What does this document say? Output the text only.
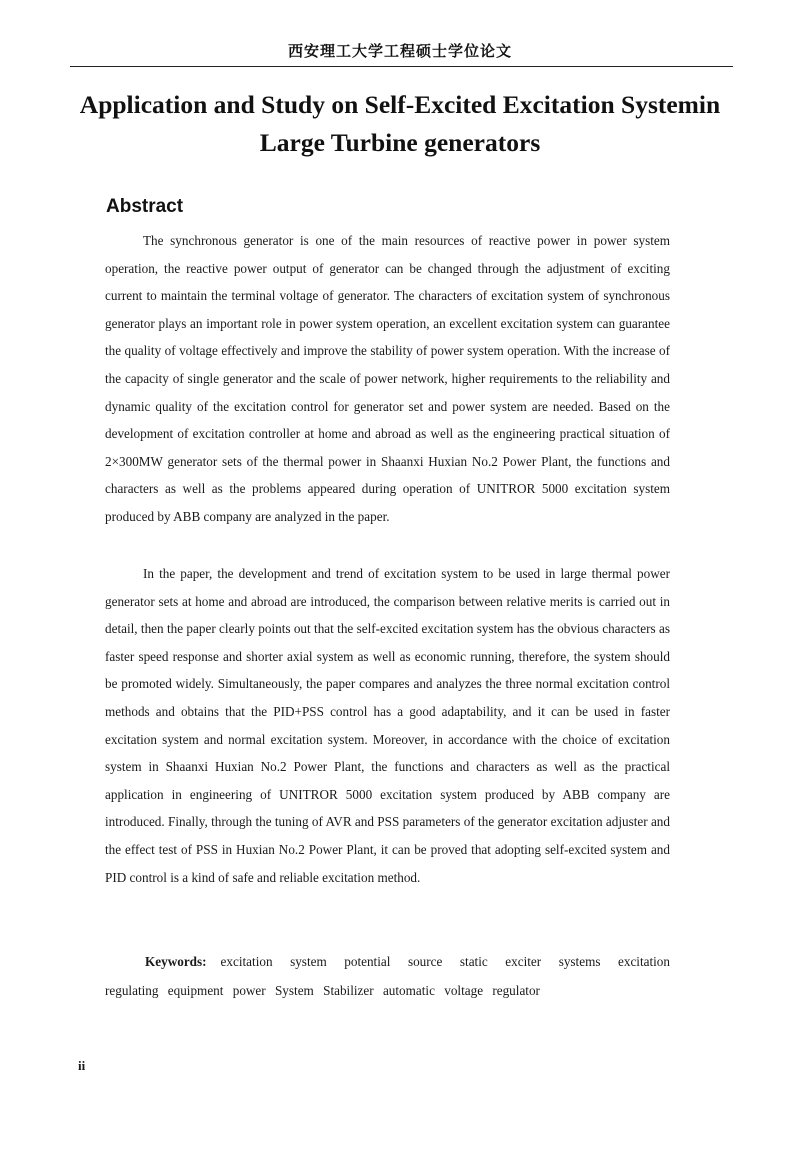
西安理工大学工程硕士学位论文
Application and Study on Self-Excited Excitation Systemin
Large Turbine generators
Abstract

The synchronous generator is one of the main resources of reactive power in power system operation, the reactive power output of generator can be changed through the adjustment of exciting current to maintain the terminal voltage of generator. The characters of excitation system of synchronous generator plays an important role in power system operation, an excellent excitation system can guarantee the quality of voltage effectively and improve the stability of power system operation. With the increase of the capacity of single generator and the scale of power network, higher requirements to the reliability and dynamic quality of the excitation control for generator set and power system are needed. Based on the development of excitation controller at home and abroad as well as the engineering practical situation of 2×300MW generator sets of the thermal power in Shaanxi Huxian No.2 Power Plant, the functions and characters as well as the problems appeared during operation of UNITROR 5000 excitation system produced by ABB company are analyzed in the paper.

In the paper, the development and trend of excitation system to be used in large thermal power generator sets at home and abroad are introduced, the comparison between relative merits is carried out in detail, then the paper clearly points out that the self-excited excitation system has the obvious characters as faster speed response and shorter axial system as well as economic running, therefore, the system should be promoted widely. Simultaneously, the paper compares and analyzes the three normal excitation control methods and obtains that the PID+PSS control has a good adaptability, and it can be used in faster excitation system and normal excitation system. Moreover, in accordance with the choice of excitation system in Shaanxi Huxian No.2 Power Plant, the functions and characters as well as the practical application in engineering of UNITROR 5000 excitation system produced by ABB company are introduced. Finally, through the tuning of AVR and PSS parameters of the generator excitation adjuster and the effect test of PSS in Huxian No.2 Power Plant, it can be proved that adopting self-excited system and PID control is a kind of safe and reliable excitation method.

Keywords: excitation system potential source static exciter systems excitation regulating equipment power System Stabilizer automatic voltage regulator

ii
